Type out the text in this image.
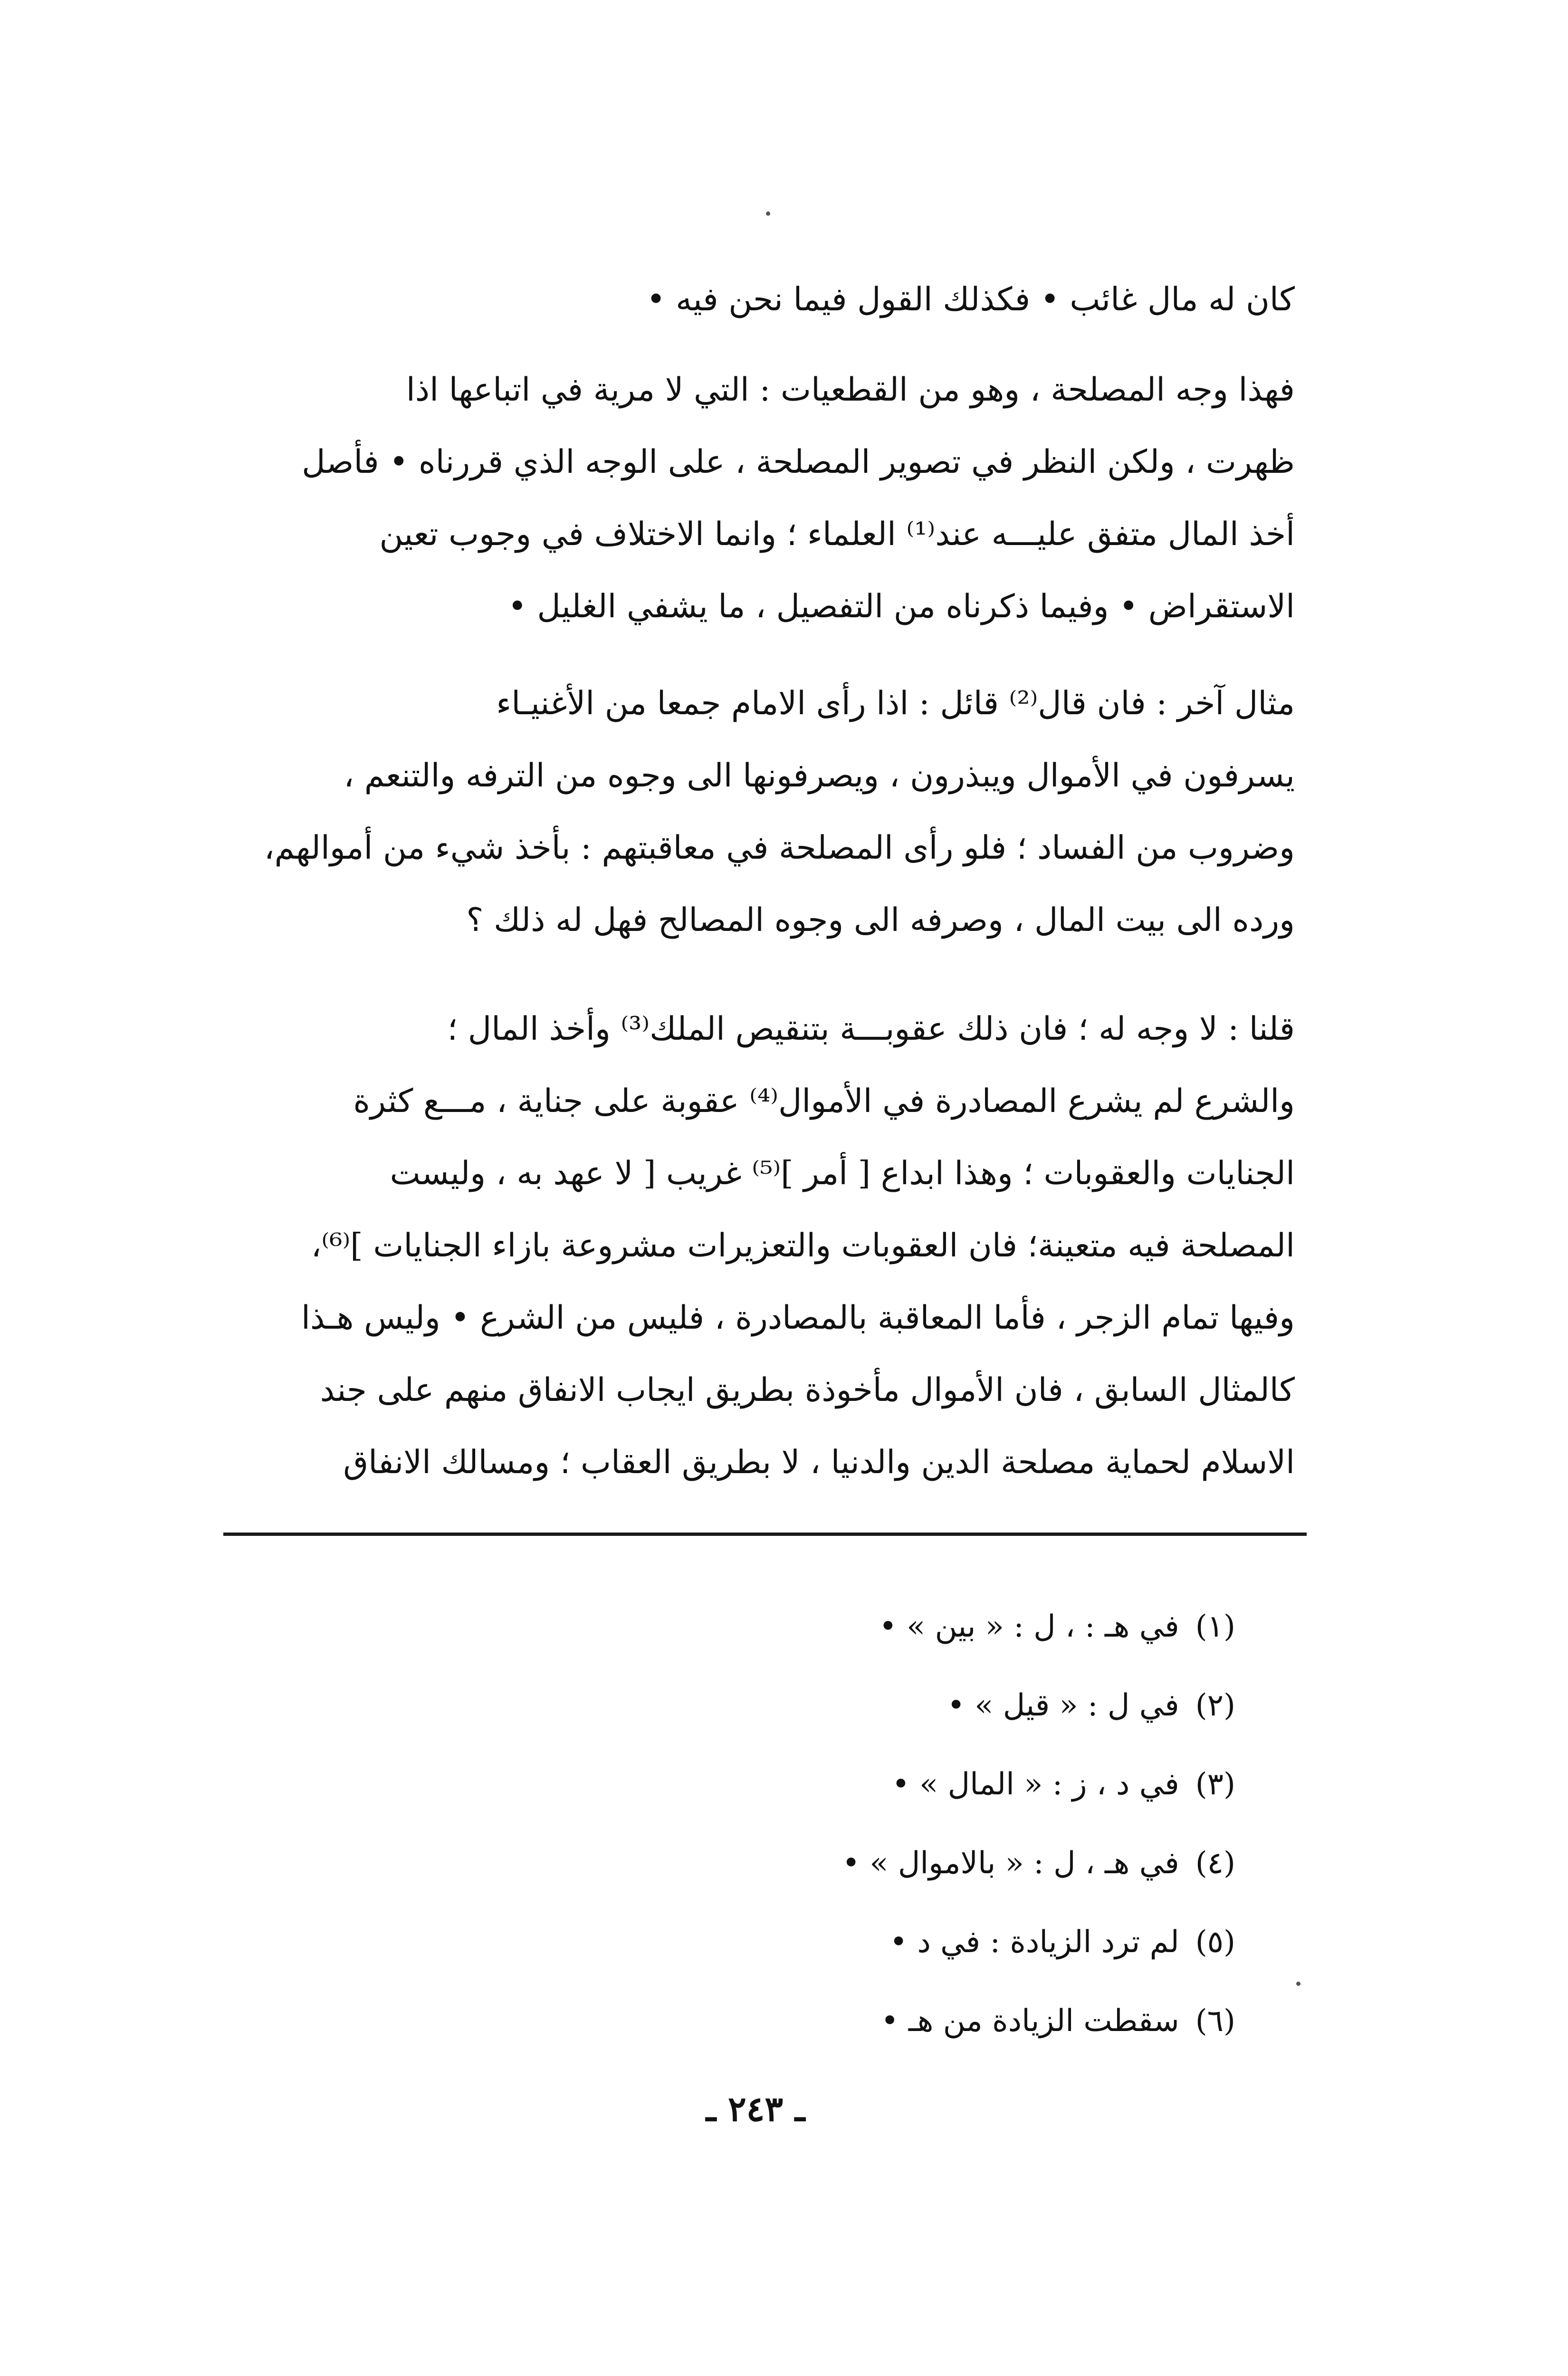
كان له مال غائب • فكذلك القول فيما نحن فيه •

فهذا وجه المصلحة ، وهو من القطعيات : التي لا مرية في اتباعها اذا
ظهرت ، ولكن النظر في تصوير المصلحة ، على الوجه الذي قررناه • فأصل
أخذ المال متفق عليـــه عند⁽¹⁾ العلماء ؛ وانما الاختلاف في وجوب تعين
الاستقراض • وفيما ذكرناه من التفصيل ، ما يشفي الغليل •

مثال آخر : فان قال⁽²⁾ قائل : اذا رأى الامام جمعا من الأغنيـاء
يسرفون في الأموال ويبذرون ، ويصرفونها الى وجوه من الترفه والتنعم ،
وضروب من الفساد ؛ فلو رأى المصلحة في معاقبتهم : بأخذ شيء من أموالهم،
ورده الى بيت المال ، وصرفه الى وجوه المصالح فهل له ذلك ؟

قلنا : لا وجه له ؛ فان ذلك عقوبـــة بتنقيص الملك⁽³⁾ وأخذ المال ؛
والشرع لم يشرع المصادرة في الأموال⁽⁴⁾ عقوبة على جناية ، مـــع كثرة
الجنايات والعقوبات ؛ وهذا ابداع [ أمر ]⁽⁵⁾ غريب [ لا عهد به ، وليست
المصلحة فيه متعينة؛ فان العقوبات والتعزيرات مشروعة بازاء الجنايات ]⁽⁶⁾،
وفيها تمام الزجر ، فأما المعاقبة بالمصادرة ، فليس من الشرع • وليس هـذا
كالمثال السابق ، فان الأموال مأخوذة بطريق ايجاب الانفاق منهم على جند
الاسلام لحماية مصلحة الدين والدنيا ، لا بطريق العقاب ؛ ومسالك الانفاق

(١)في هـ : ، ل : « بين » •
(٢)في ل : « قيل » •
(٣)في د ، ز : « المال » •
(٤)في هـ ، ل : « بالاموال » •
(٥)لم ترد الزيادة : في د •
(٦)سقطت الزيادة من هـ •
ـ ٢٤٣ ـ
